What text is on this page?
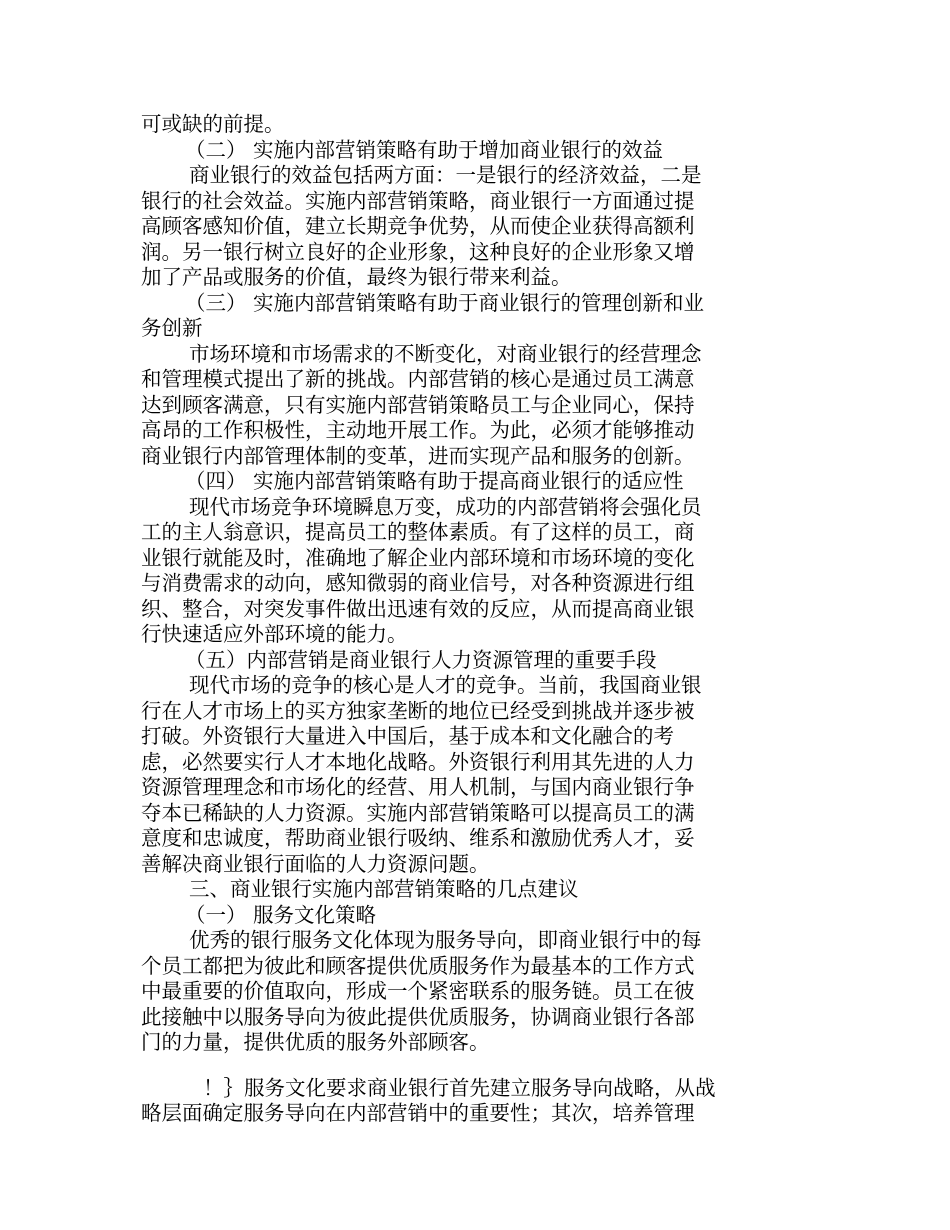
可或缺的前提。
（二） 实施内部营销策略有助于增加商业银行的效益
商业银行的效益包括两方面：一是银行的经济效益，二是
银行的社会效益。实施内部营销策略，商业银行一方面通过提
高顾客感知价值，建立长期竞争优势，从而使企业获得高额利
润。另一银行树立良好的企业形象，这种良好的企业形象又增
加了产品或服务的价值，最终为银行带来利益。
（三） 实施内部营销策略有助于商业银行的管理创新和业
务创新
市场环境和市场需求的不断变化，对商业银行的经营理念
和管理模式提出了新的挑战。内部营销的核心是通过员工满意
达到顾客满意，只有实施内部营销策略员工与企业同心，保持
高昂的工作积极性，主动地开展工作。为此，必须才能够推动
商业银行内部管理体制的变革，进而实现产品和服务的创新。
（四） 实施内部营销策略有助于提高商业银行的适应性
现代市场竞争环境瞬息万变，成功的内部营销将会强化员
工的主人翁意识，提高员工的整体素质。有了这样的员工，商
业银行就能及时，准确地了解企业内部环境和市场环境的变化
与消费需求的动向，感知微弱的商业信号，对各种资源进行组
织、整合，对突发事件做出迅速有效的反应，从而提高商业银
行快速适应外部环境的能力。
（五）内部营销是商业银行人力资源管理的重要手段
现代市场的竞争的核心是人才的竞争。当前，我国商业银
行在人才市场上的买方独家垄断的地位已经受到挑战并逐步被
打破。外资银行大量进入中国后，基于成本和文化融合的考
虑，必然要实行人才本地化战略。外资银行利用其先进的人力
资源管理理念和市场化的经营、用人机制，与国内商业银行争
夺本已稀缺的人力资源。实施内部营销策略可以提高员工的满
意度和忠诚度，帮助商业银行吸纳、维系和激励优秀人才，妥
善解决商业银行面临的人力资源问题。
三、商业银行实施内部营销策略的几点建议
（一） 服务文化策略
优秀的银行服务文化体现为服务导向，即商业银行中的每
个员工都把为彼此和顾客提供优质服务作为最基本的工作方式
中最重要的价值取向，形成一个紧密联系的服务链。员工在彼
此接触中以服务导向为彼此提供优质服务，协调商业银行各部
门的力量，提供优质的服务外部顾客。
！｝服务文化要求商业银行首先建立服务导向战略，从战
略层面确定服务导向在内部营销中的重要性；其次，培养管理
